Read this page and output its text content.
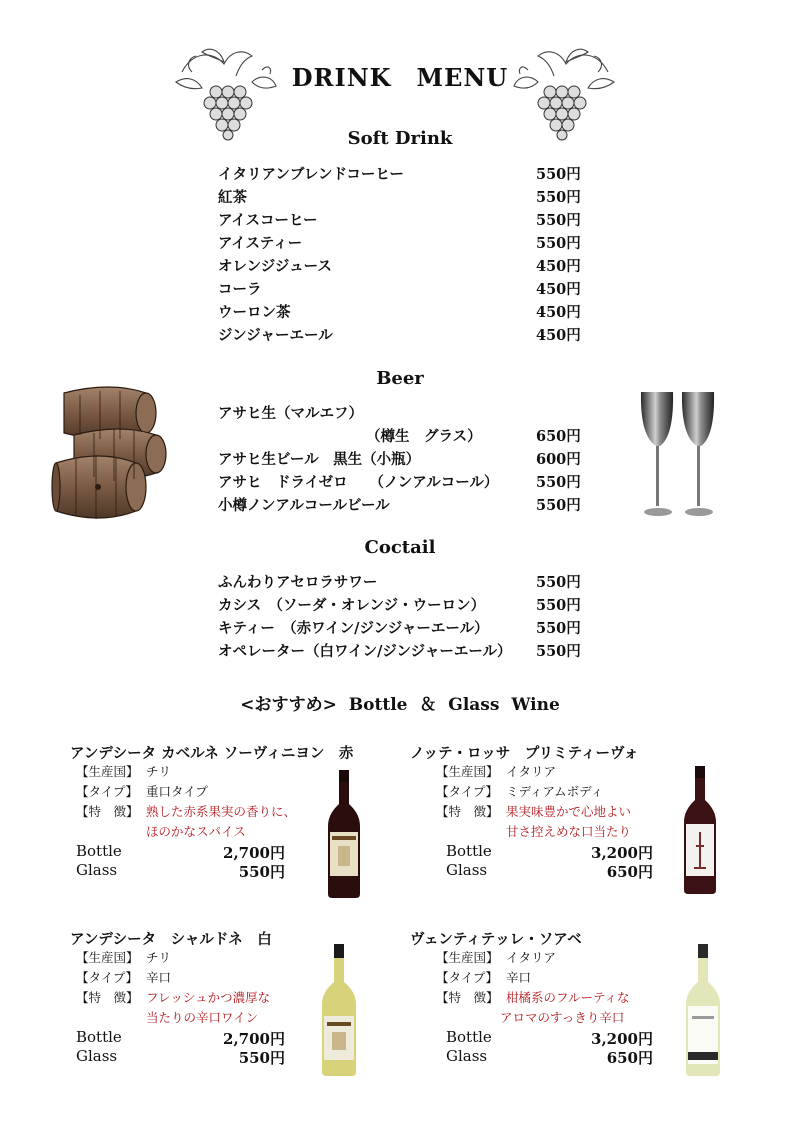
DRINK　MENU
Soft Drink
イタリアンブレンドコーヒー	550円
紅茶	550円
アイスコーヒー	550円
アイスティー	550円
オレンジジュース	450円
コーラ	450円
ウーロン茶	450円
ジンジャーエール	450円
Beer
アサヒ生（マルエフ）
（樽生　グラス）	650円
アサヒ生ビール　黒生（小瓶）	600円
アサヒ　ドライゼロ　　（ノンアルコール）	550円
小樽ノンアルコールビール	550円
Coctail
ふんわりアセロラサワー	550円
カシス　（ソーダ・オレンジ・ウーロン）	550円
キティー　（赤ワイン/ジンジャーエール）	550円
オペレーター（白ワイン/ジンジャーエール） 550円
<おすすめ> Bottle ＆ Glass Wine
アンデシータ カベルネ ソーヴィニヨン　赤
【生産国】 チリ
【タイプ】 重口タイプ
【特　徴】 熟した赤系果実の香りに、
ほのかなスパイス
Bottle	2,700円
Glass	550円
ノッテ・ロッサ　プリミティーヴォ
【生産国】 イタリア
【タイプ】 ミディアムボディ
【特　徴】 果実味豊かで心地よい
甘さ控えめな口当たり
Bottle	3,200円
Glass	650円
アンデシータ　シャルドネ　白
【生産国】 チリ
【タイプ】 辛口
【特　徴】 フレッシュかつ濃厚な
当たりの辛口ワイン
Bottle	2,700円
Glass	550円
ヴェンティテッレ・ソアベ
【生産国】 イタリア
【タイプ】 辛口
【特　徴】 柑橘系のフルーティな
アロマのすっきり辛口
Bottle	3,200円
Glass	650円
